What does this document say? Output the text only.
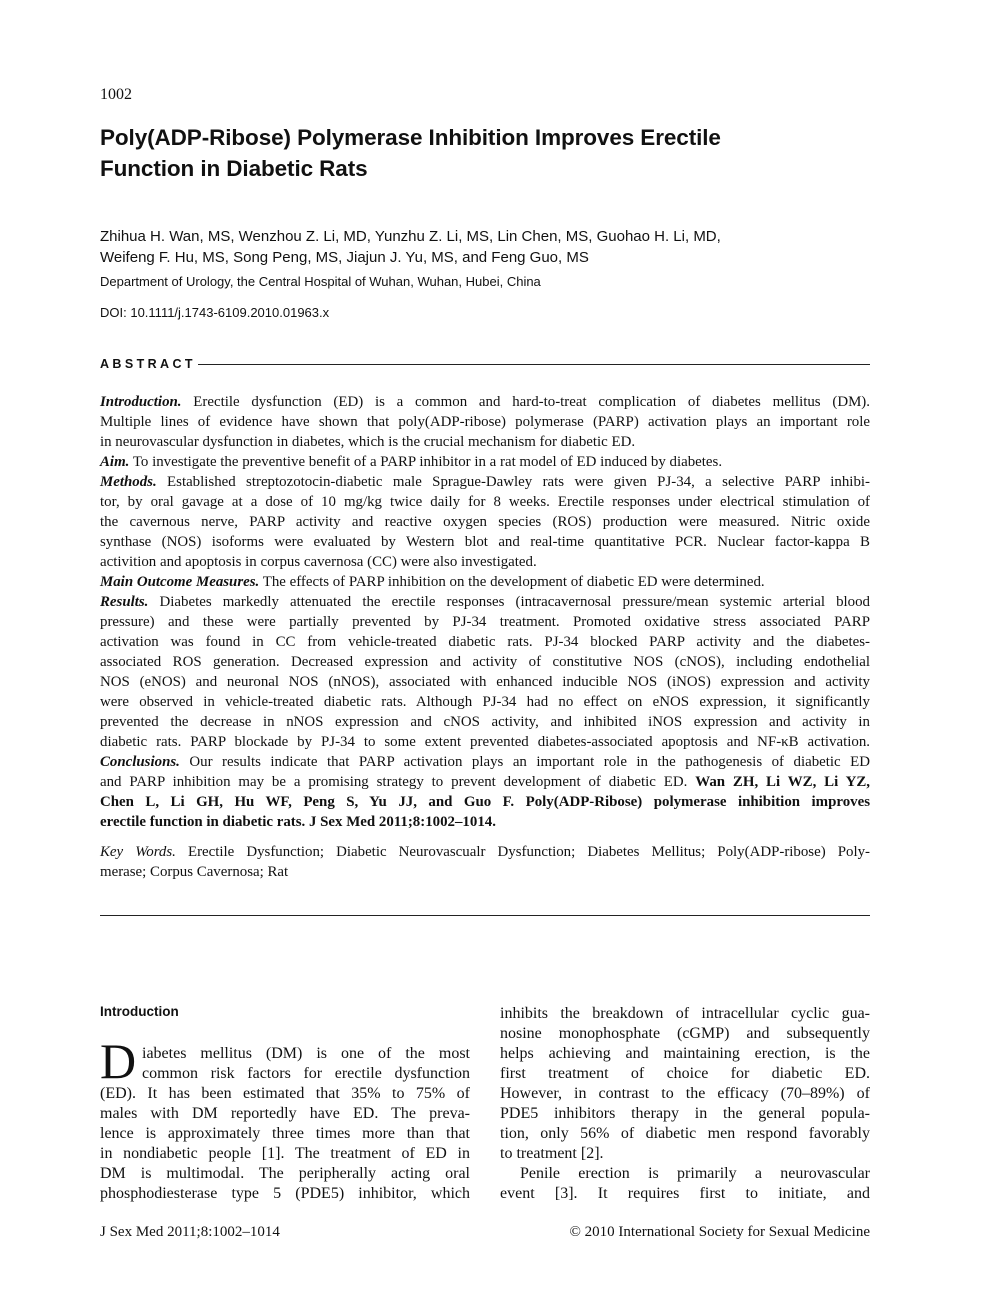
1002
Poly(ADP-Ribose) Polymerase Inhibition Improves Erectile
Function in Diabetic Rats
Zhihua H. Wan, MS, Wenzhou Z. Li, MD, Yunzhu Z. Li, MS, Lin Chen, MS, Guohao H. Li, MD,
Weifeng F. Hu, MS, Song Peng, MS, Jiajun J. Yu, MS, and Feng Guo, MS
Department of Urology, the Central Hospital of Wuhan, Wuhan, Hubei, China
DOI: 10.1111/j.1743-6109.2010.01963.x
ABSTRACT
Introduction. Erectile dysfunction (ED) is a common and hard-to-treat complication of diabetes mellitus (DM).
Multiple lines of evidence have shown that poly(ADP-ribose) polymerase (PARP) activation plays an important role
in neurovascular dysfunction in diabetes, which is the crucial mechanism for diabetic ED.
Aim. To investigate the preventive benefit of a PARP inhibitor in a rat model of ED induced by diabetes.
Methods. Established streptozotocin-diabetic male Sprague-Dawley rats were given PJ-34, a selective PARP inhibi-
tor, by oral gavage at a dose of 10 mg/kg twice daily for 8 weeks. Erectile responses under electrical stimulation of
the cavernous nerve, PARP activity and reactive oxygen species (ROS) production were measured. Nitric oxide
synthase (NOS) isoforms were evaluated by Western blot and real-time quantitative PCR. Nuclear factor-kappa B
activition and apoptosis in corpus cavernosa (CC) were also investigated.
Main Outcome Measures. The effects of PARP inhibition on the development of diabetic ED were determined.
Results. Diabetes markedly attenuated the erectile responses (intracavernosal pressure/mean systemic arterial blood
pressure) and these were partially prevented by PJ-34 treatment. Promoted oxidative stress associated PARP
activation was found in CC from vehicle-treated diabetic rats. PJ-34 blocked PARP activity and the diabetes-
associated ROS generation. Decreased expression and activity of constitutive NOS (cNOS), including endothelial
NOS (eNOS) and neuronal NOS (nNOS), associated with enhanced inducible NOS (iNOS) expression and activity
were observed in vehicle-treated diabetic rats. Although PJ-34 had no effect on eNOS expression, it significantly
prevented the decrease in nNOS expression and cNOS activity, and inhibited iNOS expression and activity in
diabetic rats. PARP blockade by PJ-34 to some extent prevented diabetes-associated apoptosis and NF-κB activation.
Conclusions. Our results indicate that PARP activation plays an important role in the pathogenesis of diabetic ED
and PARP inhibition may be a promising strategy to prevent development of diabetic ED. Wan ZH, Li WZ, Li YZ,
Chen L, Li GH, Hu WF, Peng S, Yu JJ, and Guo F. Poly(ADP-Ribose) polymerase inhibition improves
erectile function in diabetic rats. J Sex Med 2011;8:1002–1014.
Key Words. Erectile Dysfunction; Diabetic Neurovascualr Dysfunction; Diabetes Mellitus; Poly(ADP-ribose) Poly-
merase; Corpus Cavernosa; Rat
Introduction
D iabetes mellitus (DM) is one of the most
common risk factors for erectile dysfunction
(ED). It has been estimated that 35% to 75% of
males with DM reportedly have ED. The preva-
lence is approximately three times more than that
in nondiabetic people [1]. The treatment of ED in
DM is multimodal. The peripherally acting oral
phosphodiesterase type 5 (PDE5) inhibitor, which
inhibits the breakdown of intracellular cyclic gua-
nosine monophosphate (cGMP) and subsequently
helps achieving and maintaining erection, is the
first treatment of choice for diabetic ED.
However, in contrast to the efficacy (70–89%) of
PDE5 inhibitors therapy in the general popula-
tion, only 56% of diabetic men respond favorably
to treatment [2].
Penile erection is primarily a neurovascular
event [3]. It requires first to initiate, and
J Sex Med 2011;8:1002–1014	© 2010 International Society for Sexual Medicine
